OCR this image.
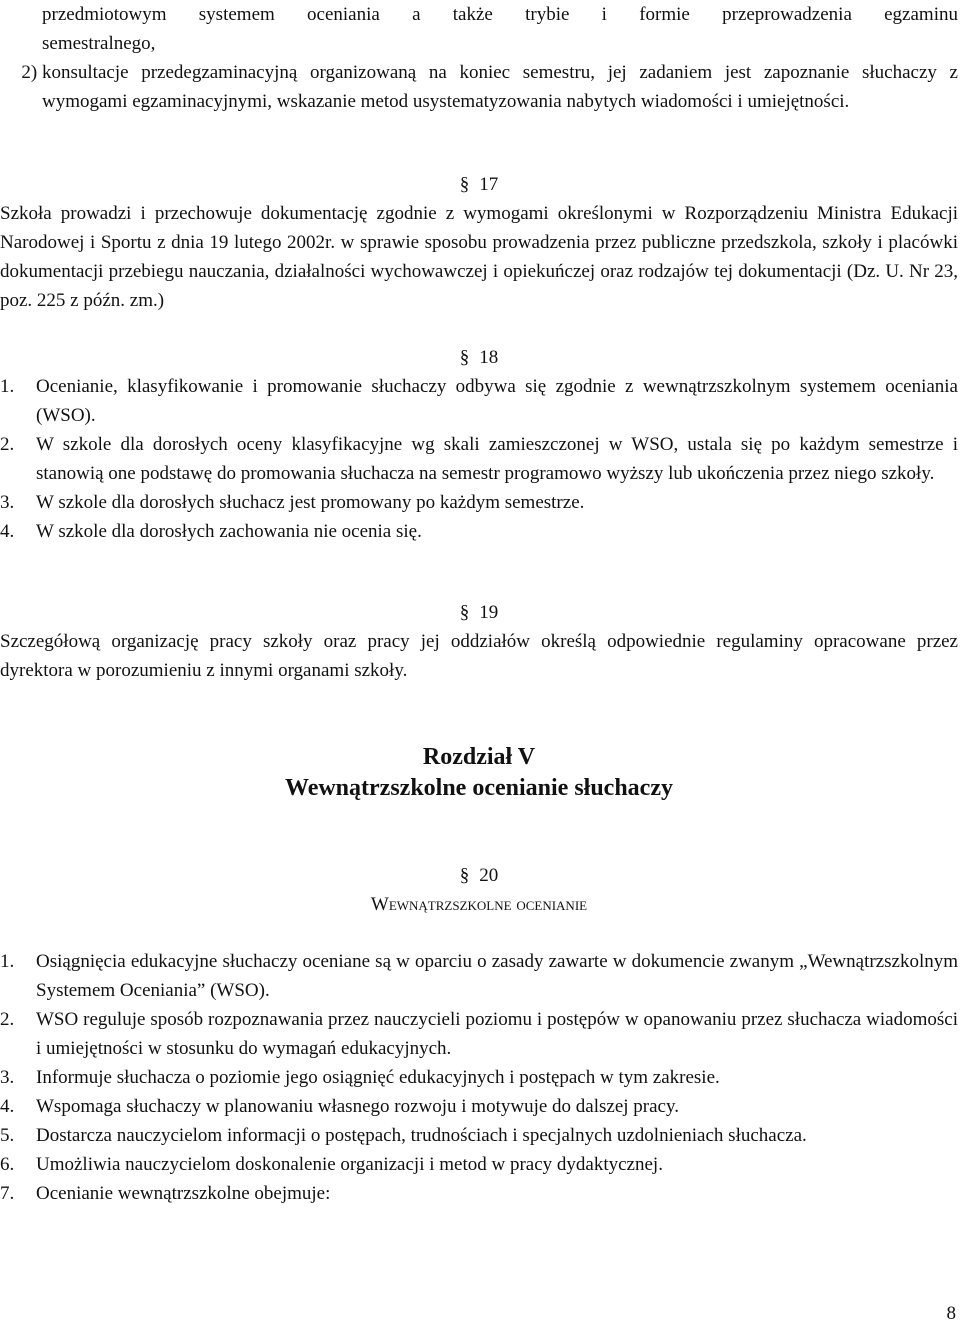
przedmiotowym systemem oceniania a także trybie i formie przeprowadzenia egzaminu
semestralnego,
2) konsultacje przedegzaminacyjną organizowaną na koniec semestru, jej zadaniem jest zapoznanie słuchaczy z wymogami egzaminacyjnymi, wskazanie metod usystematyzowania nabytych wiadomości i umiejętności.
§ 17

Szkoła prowadzi i przechowuje dokumentację zgodnie z wymogami określonymi w Rozporządzeniu Ministra Edukacji Narodowej i Sportu z dnia 19 lutego 2002r. w sprawie sposobu prowadzenia przez publiczne przedszkola, szkoły i placówki dokumentacji przebiegu nauczania, działalności wychowawczej i opiekuńczej oraz rodzajów tej dokumentacji (Dz. U. Nr 23, poz. 225 z późn. zm.)

§ 18
1.	Ocenianie, klasyfikowanie i promowanie słuchaczy odbywa się zgodnie z wewnątrzszkolnym systemem oceniania (WSO).
2.	W szkole dla dorosłych oceny klasyfikacyjne wg skali zamieszczonej w WSO, ustala się po każdym semestrze i stanowią one podstawę do promowania słuchacza na semestr programowo wyższy lub ukończenia przez niego szkoły.
3.	W szkole dla dorosłych słuchacz jest promowany po każdym semestrze.
4.	W szkole dla dorosłych zachowania nie ocenia się.
§ 19

Szczegółową organizację pracy szkoły oraz pracy jej oddziałów określą odpowiednie regulaminy opracowane przez dyrektora w porozumieniu z innymi organami szkoły.

Rozdział V
Wewnątrzszkolne ocenianie słuchaczy
§ 20
Wewnątrzszkolne ocenianie
1.	Osiągnięcia edukacyjne słuchaczy oceniane są w oparciu o zasady zawarte w dokumencie zwanym „Wewnątrzszkolnym Systemem Oceniania” (WSO).
2.	WSO reguluje sposób rozpoznawania przez nauczycieli poziomu i postępów w opanowaniu przez słuchacza wiadomości i umiejętności w stosunku do wymagań edukacyjnych.
3.	Informuje słuchacza o poziomie jego osiągnięć edukacyjnych i postępach w tym zakresie.
4.	Wspomaga słuchaczy w planowaniu własnego rozwoju i motywuje do dalszej pracy.
5.	Dostarcza nauczycielom informacji o postępach, trudnościach i specjalnych uzdolnieniach słuchacza.
6.	Umożliwia nauczycielom doskonalenie organizacji i metod w pracy dydaktycznej.
7.	Ocenianie wewnątrzszkolne obejmuje:
8
